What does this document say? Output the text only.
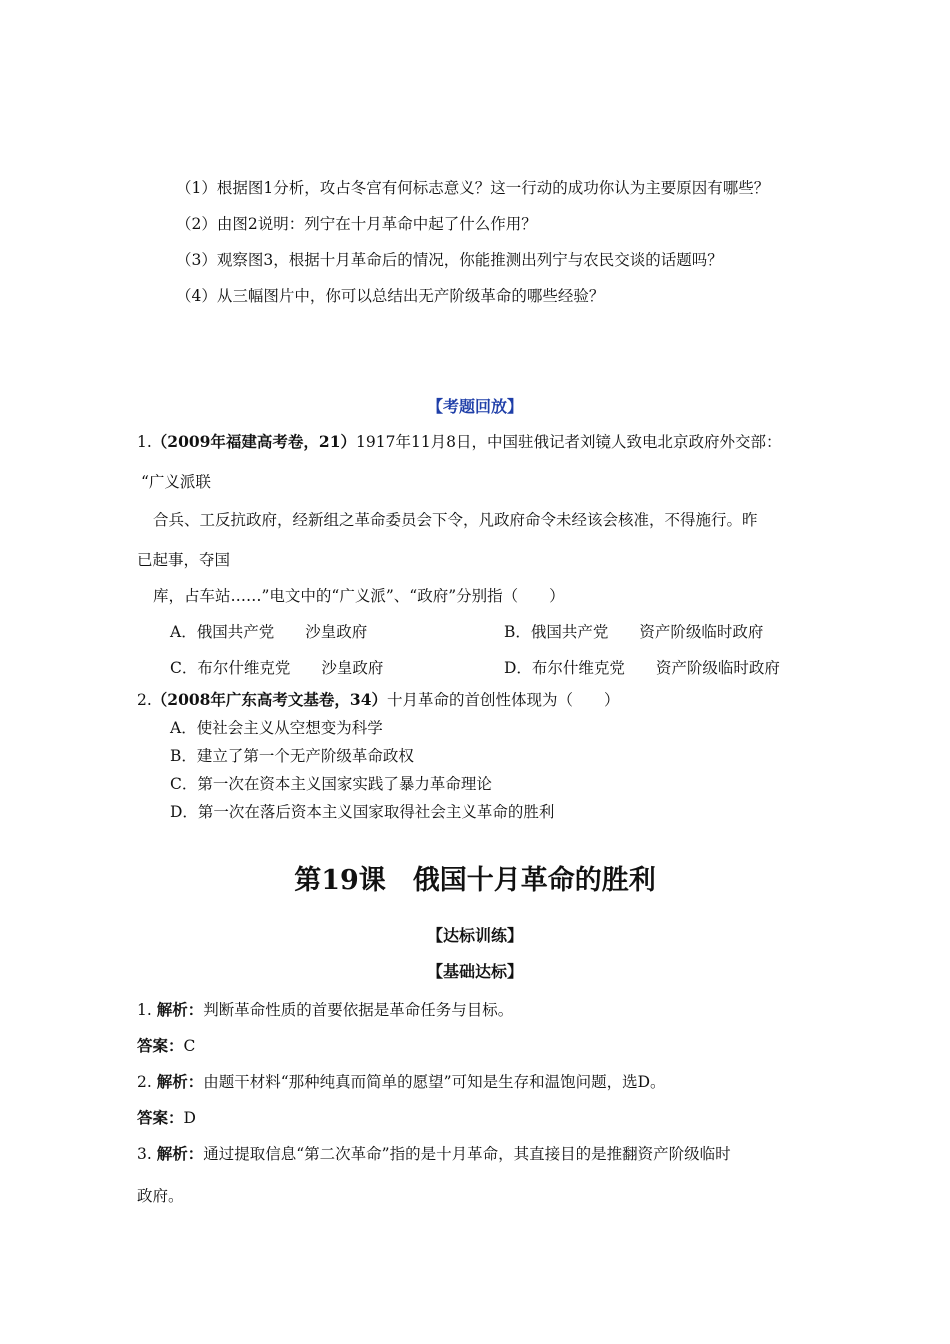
（1）根据图1分析，攻占冬宫有何标志意义？这一行动的成功你认为主要原因有哪些？
（2）由图2说明：列宁在十月革命中起了什么作用？
（3）观察图3，根据十月革命后的情况，你能推测出列宁与农民交谈的话题吗？
（4）从三幅图片中，你可以总结出无产阶级革命的哪些经验？
【考题回放】
1.（2009年福建高考卷，21）1917年11月8日，中国驻俄记者刘镜人致电北京政府外交部：
“广义派联
合兵、工反抗政府，经新组之革命委员会下令，凡政府命令未经该会核准，不得施行。昨
已起事，夺国
库，占车站……”电文中的“广义派”、“政府”分别指（　　）
A．俄国共产党　　沙皇政府	B．俄国共产党　　资产阶级临时政府
C．布尔什维克党　　沙皇政府	D．布尔什维克党　　资产阶级临时政府
2.（2008年广东高考文基卷，34）十月革命的首创性体现为（　　）
A．使社会主义从空想变为科学
B．建立了第一个无产阶级革命政权
C．第一次在资本主义国家实践了暴力革命理论
D．第一次在落后资本主义国家取得社会主义革命的胜利
第19课　俄国十月革命的胜利
【达标训练】
【基础达标】
1. 解析：判断革命性质的首要依据是革命任务与目标。
答案：C
2. 解析：由题干材料“那种纯真而简单的愿望”可知是生存和温饱问题，选D。
答案：D
3. 解析：通过提取信息“第二次革命”指的是十月革命，其直接目的是推翻资产阶级临时
政府。
